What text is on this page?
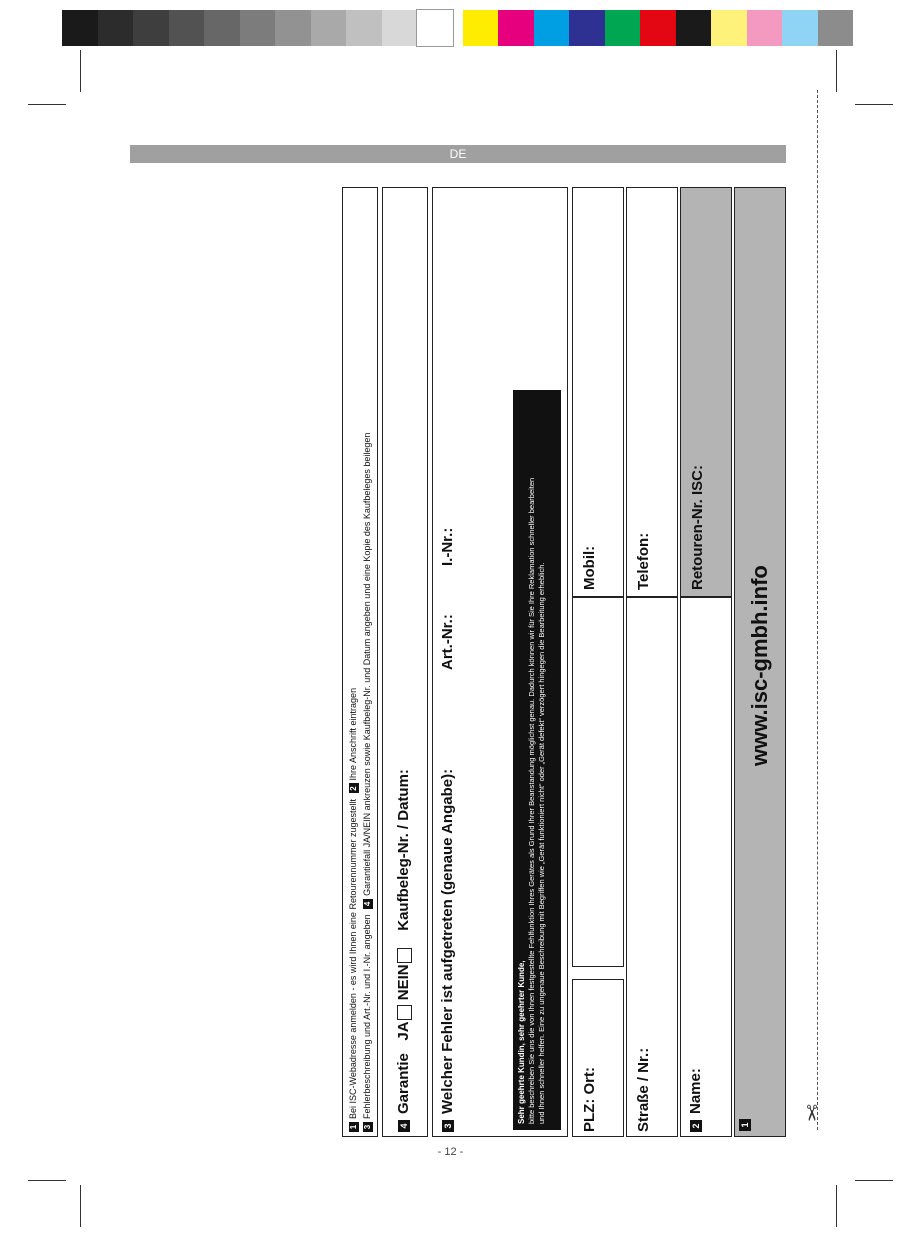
✂
DE
1
www.isc-gmbh.info
2Name:
Retouren-Nr. ISC:
Straße / Nr.:
Telefon:
PLZ: Ort:
Mobil:
3Welcher Fehler ist aufgetreten (genaue Angabe):
Art.-Nr.:
I.-Nr.:
Sehr geehrte Kundin, sehr geehrter Kunde,
bitte beschreiben Sie uns die von Ihnen festgestellte Fehlfunktion Ihres Gerätes als Grund Ihrer Beanstandung möglichst genau. Dadurch können wir für Sie Ihre Reklamation schneller bearbeiten
und Ihnen schneller helfen. Eine zu ungenaue Beschreibung mit Begriffen wie „Gerät funktioniert nicht“ oder „Gerät defekt“ verzögert hingegen die Bearbeitung erheblich.
4Garantie   JA NEIN    Kaufbeleg-Nr. / Datum:
1Bei ISC-Webadresse anmelden - es wird Ihnen eine Retourennummer zugestellt 2Ihre Anschrift eintragen
3Fehlerbeschreibung und Art.-Nr. und I.-Nr. angeben 4Garantiefall JA/NEIN ankreuzen sowie Kaufbeleg-Nr. und Datum angeben und eine Kopie des Kaufbeleges beilegen
- 12 -
